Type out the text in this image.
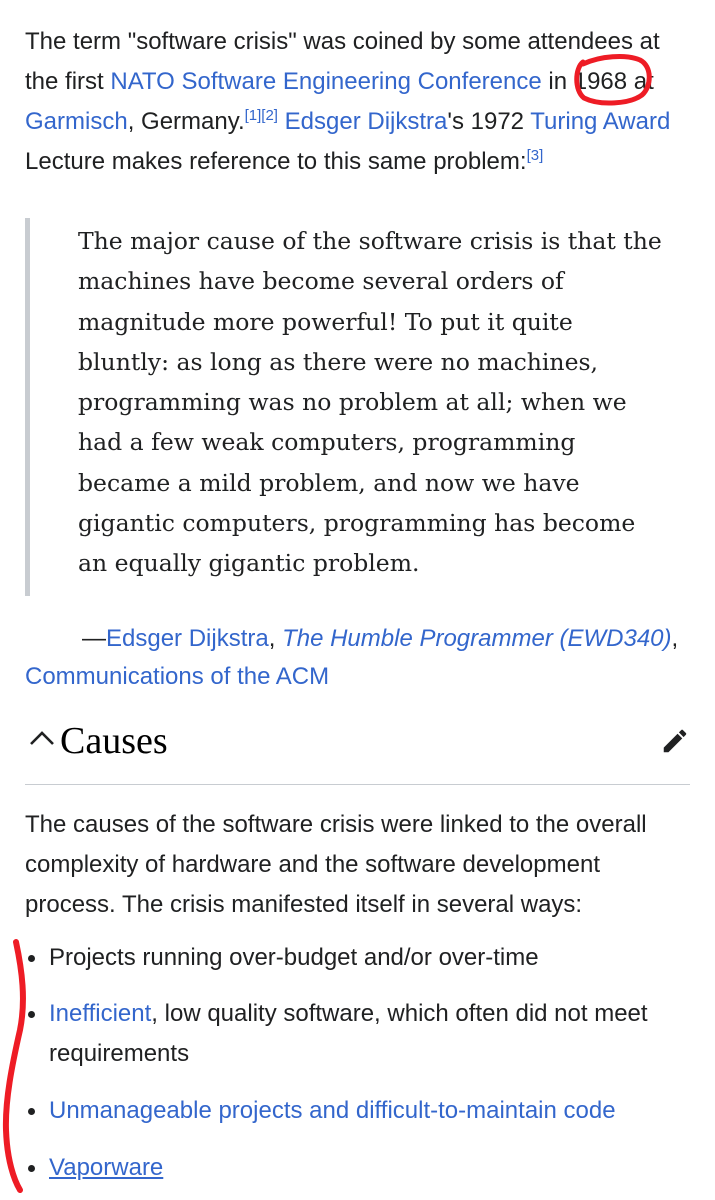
The term "software crisis" was coined by some attendees at the first NATO Software Engineering Conference in 1968 at Garmisch, Germany.[1][2] Edsger Dijkstra's 1972 Turing Award Lecture makes reference to this same problem:[3]

The major cause of the software crisis is that the machines have become several orders of magnitude more powerful! To put it quite bluntly: as long as there were no machines, programming was no problem at all; when we had a few weak computers, programming became a mild problem, and now we have gigantic computers, programming has become an equally gigantic problem.

—Edsger Dijkstra, The Humble Programmer (EWD340), Communications of the ACM

Causes

The causes of the software crisis were linked to the overall complexity of hardware and the software development process. The crisis manifested itself in several ways:

Projects running over-budget and/or over-time
Inefficient, low quality software, which often did not meet requirements
Unmanageable projects and difficult-to-maintain code
Vaporware
